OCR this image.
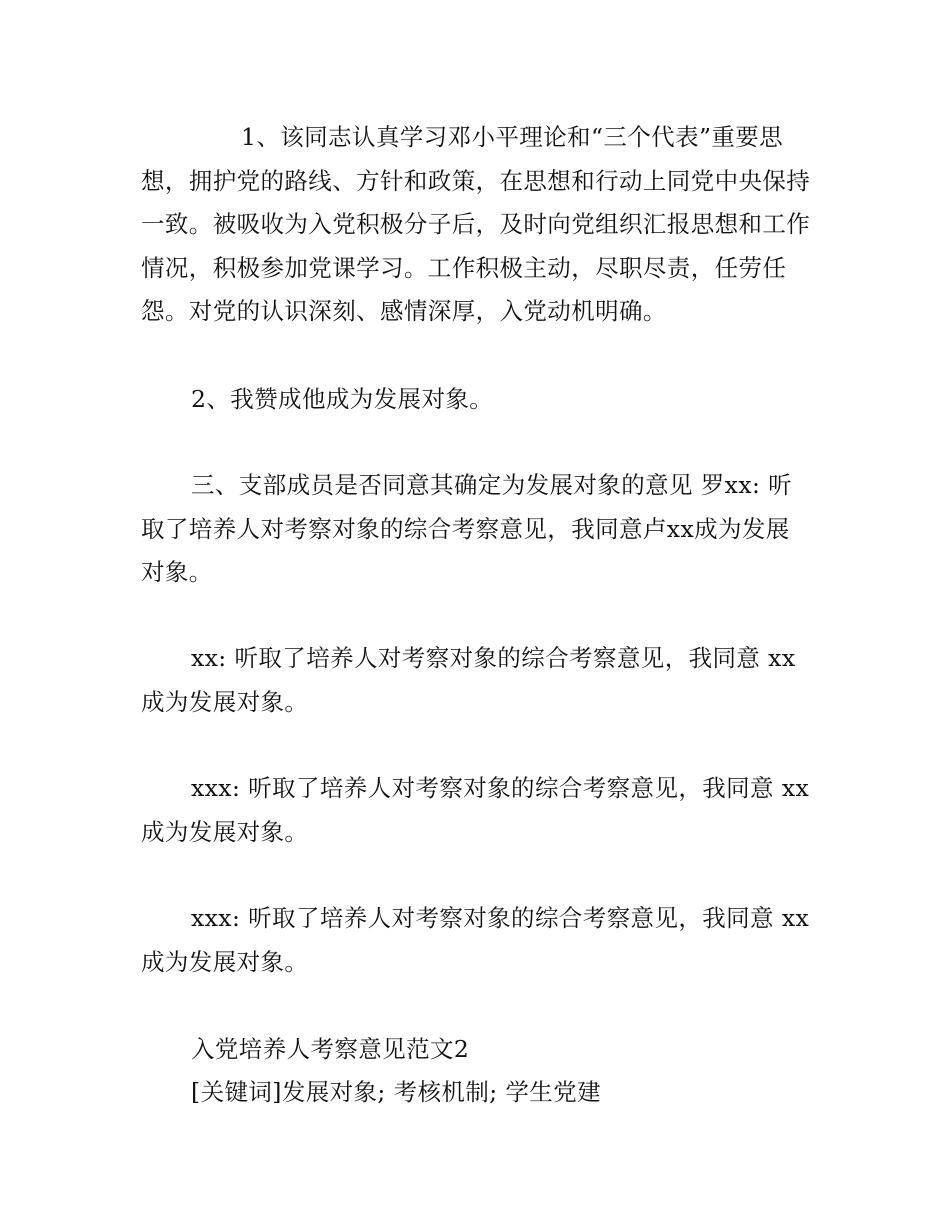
1、该同志认真学习邓小平理论和“三个代表”重要思想，拥护党的路线、方针和政策，在思想和行动上同党中央保持一致。被吸收为入党积极分子后，及时向党组织汇报思想和工作情况，积极参加党课学习。工作积极主动，尽职尽责，任劳任怨。对党的认识深刻、感情深厚，入党动机明确。

2、我赞成他成为发展对象。

三、支部成员是否同意其确定为发展对象的意见 罗xx: 听取了培养人对考察对象的综合考察意见，我同意卢xx成为发展对象。

xx: 听取了培养人对考察对象的综合考察意见，我同意 xx成为发展对象。

xxx: 听取了培养人对考察对象的综合考察意见，我同意 xx成为发展对象。

xxx: 听取了培养人对考察对象的综合考察意见，我同意 xx成为发展对象。

入党培养人考察意见范文2

[关键词]发展对象; 考核机制; 学生党建
